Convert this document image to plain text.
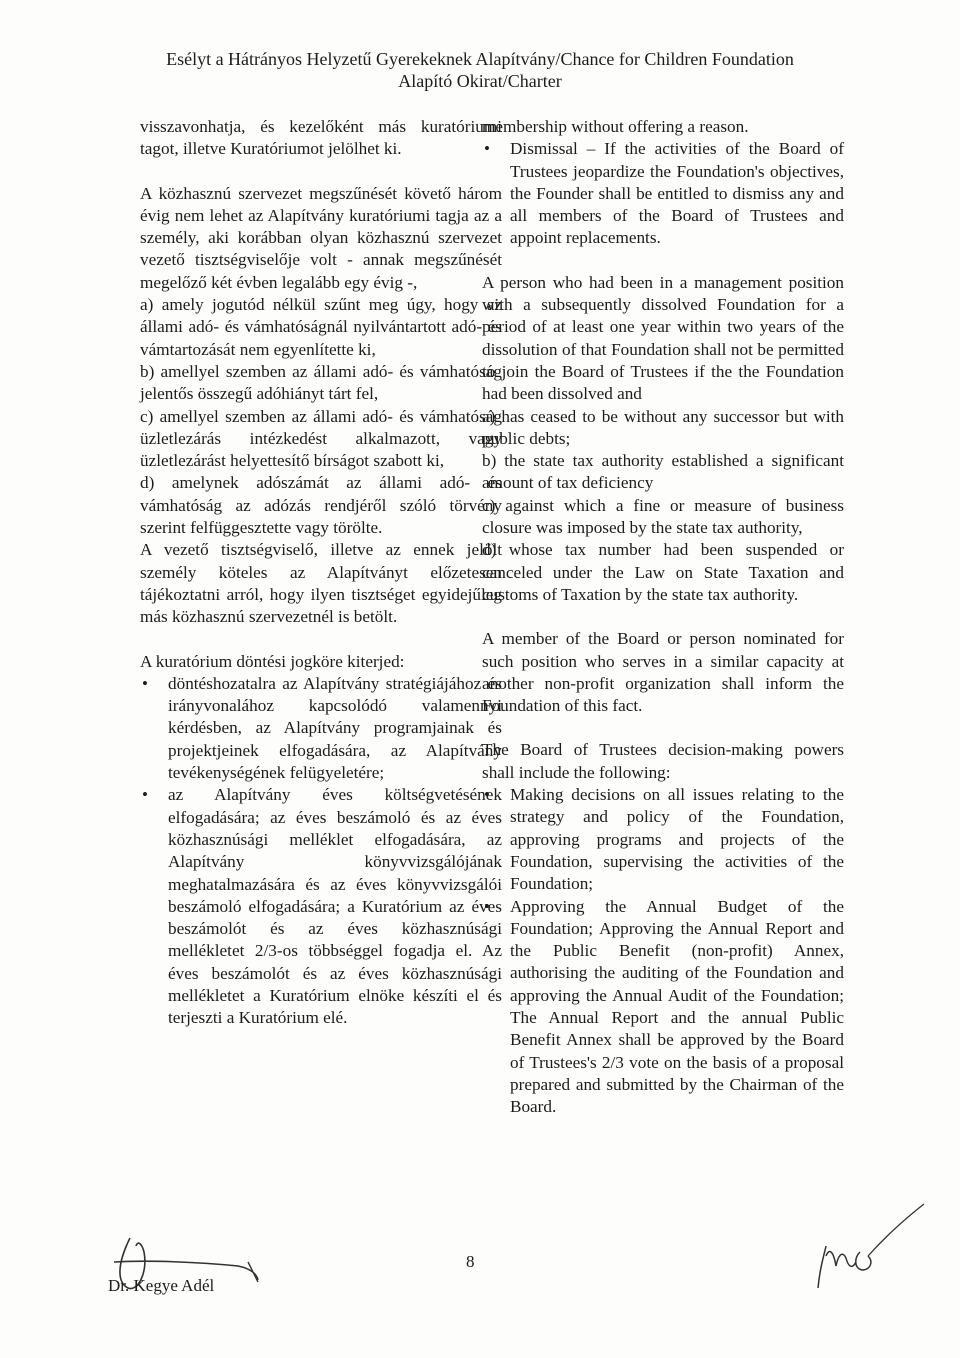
Esélyt a Hátrányos Helyzetű Gyerekeknek Alapítvány/Chance for Children Foundation
Alapító Okirat/Charter

visszavonhatja, és kezelőként más kuratóriumi tagot, illetve Kuratóriumot jelölhet ki.

A közhasznú szervezet megszűnését követő három évig nem lehet az Alapítvány kuratóriumi tagja az a személy, aki korábban olyan közhasznú szervezet vezető tisztségviselője volt - annak megszűnését megelőző két évben legalább egy évig -,

a) amely jogutód nélkül szűnt meg úgy, hogy az állami adó- és vámhatóságnál nyilvántartott adó- és vámtartozását nem egyenlítette ki,

b) amellyel szemben az állami adó- és vámhatóság jelentős összegű adóhiányt tárt fel,

c) amellyel szemben az állami adó- és vámhatóság üzletlezárás intézkedést alkalmazott, vagy üzletlezárást helyettesítő bírságot szabott ki,

d) amelynek adószámát az állami adó- és vámhatóság az adózás rendjéről szóló törvény szerint felfüggesztette vagy törölte.

A vezető tisztségviselő, illetve az ennek jelölt személy köteles az Alapítványt előzetesen tájékoztatni arról, hogy ilyen tisztséget egyidejűleg más közhasznú szervezetnél is betölt.

A kuratórium döntési jogköre kiterjed:

• döntéshozatalra az Alapítvány stratégiájához és irányvonalához kapcsolódó valamennyi kérdésben, az Alapítvány programjainak és projektjeinek elfogadására, az Alapítvány tevékenységének felügyeletére;
• az Alapítvány éves költségvetésének elfogadására; az éves beszámoló és az éves közhasznúsági melléklet elfogadására, az Alapítvány könyvvizsgálójának meghatalmazására és az éves könyvvizsgálói beszámoló elfogadására; a Kuratórium az éves beszámolót és az éves közhasznúsági mellékletet 2/3-os többséggel fogadja el. Az éves beszámolót és az éves közhasznúsági mellékletet a Kuratórium elnöke készíti el és terjeszti a Kuratórium elé.

membership without offering a reason.

• Dismissal – If the activities of the Board of Trustees jeopardize the Foundation's objectives, the Founder shall be entitled to dismiss any and all members of the Board of Trustees and appoint replacements.

A person who had been in a management position with a subsequently dissolved Foundation for a period of at least one year within two years of the dissolution of that Foundation shall not be permitted to join the Board of Trustees if the the Foundation had been dissolved and

a) has ceased to be without any successor but with public debts;

b) the state tax authority established a significant amount of tax deficiency

c) against which a fine or measure of business closure was imposed by the state tax authority,

d) whose tax number had been suspended or canceled under the Law on State Taxation and customs of Taxation by the state tax authority.

A member of the Board or person nominated for such position who serves in a similar capacity at another non-profit organization shall inform the Foundation of this fact.

The Board of Trustees decision-making powers shall include the following:

• Making decisions on all issues relating to the strategy and policy of the Foundation, approving programs and projects of the Foundation, supervising the activities of the Foundation;
• Approving the Annual Budget of the Foundation; Approving the Annual Report and the Public Benefit (non-profit) Annex, authorising the auditing of the Foundation and approving the Annual Audit of the Foundation; The Annual Report and the annual Public Benefit Annex shall be approved by the Board of Trustees's 2/3 vote on the basis of a proposal prepared and submitted by the Chairman of the Board.
Dr. Kegye Adél
8
